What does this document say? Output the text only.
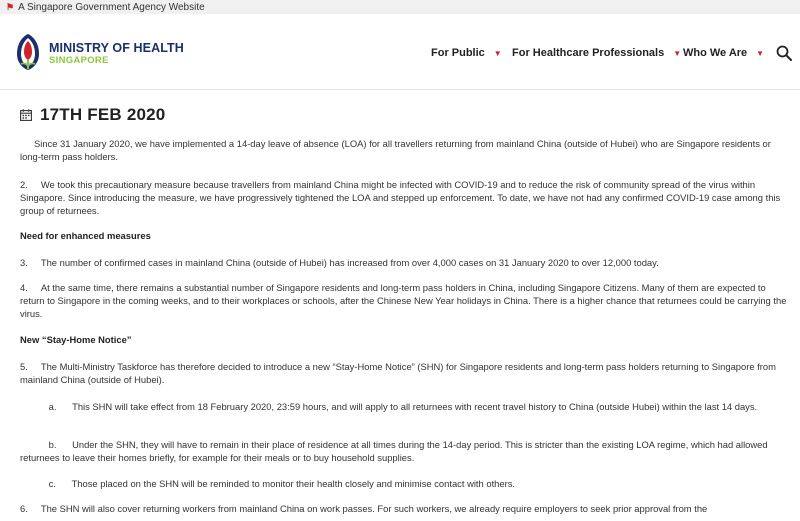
⚑ A Singapore Government Agency Website
MINISTRY OF HEALTH
SINGAPORE
For Public ▼ For Healthcare Professionals ▼ Who We Are ▼
17TH FEB 2020

Since 31 January 2020, we have implemented a 14-day leave of absence (LOA) for all travellers returning from mainland China (outside of Hubei) who are Singapore residents or long-term pass holders.

2.     We took this precautionary measure because travellers from mainland China might be infected with COVID-19 and to reduce the risk of community spread of the virus within Singapore. Since introducing the measure, we have progressively tightened the LOA and stepped up enforcement. To date, we have not had any confirmed COVID-19 case among this group of returnees.

Need for enhanced measures

3.     The number of confirmed cases in mainland China (outside of Hubei) has increased from over 4,000 cases on 31 January 2020 to over 12,000 today.

4.     At the same time, there remains a substantial number of Singapore residents and long-term pass holders in China, including Singapore Citizens. Many of them are expected to return to Singapore in the coming weeks, and to their workplaces or schools, after the Chinese New Year holidays in China. There is a higher chance that returnees could be carrying the virus.

New “Stay-Home Notice”

5.     The Multi-Ministry Taskforce has therefore decided to introduce a new “Stay-Home Notice” (SHN) for Singapore residents and long-term pass holders returning to Singapore from mainland China (outside of Hubei).

a.      This SHN will take effect from 18 February 2020, 23:59 hours, and will apply to all returnees with recent travel history to China (outside Hubei) within the last 14 days.

b.      Under the SHN, they will have to remain in their place of residence at all times during the 14-day period. This is stricter than the existing LOA regime, which had allowed returnees to leave their homes briefly, for example for their meals or to buy household supplies.

c.      Those placed on the SHN will be reminded to monitor their health closely and minimise contact with others.

6.     The SHN will also cover returning workers from mainland China on work passes. For such workers, we already require employers to seek prior approval from the
